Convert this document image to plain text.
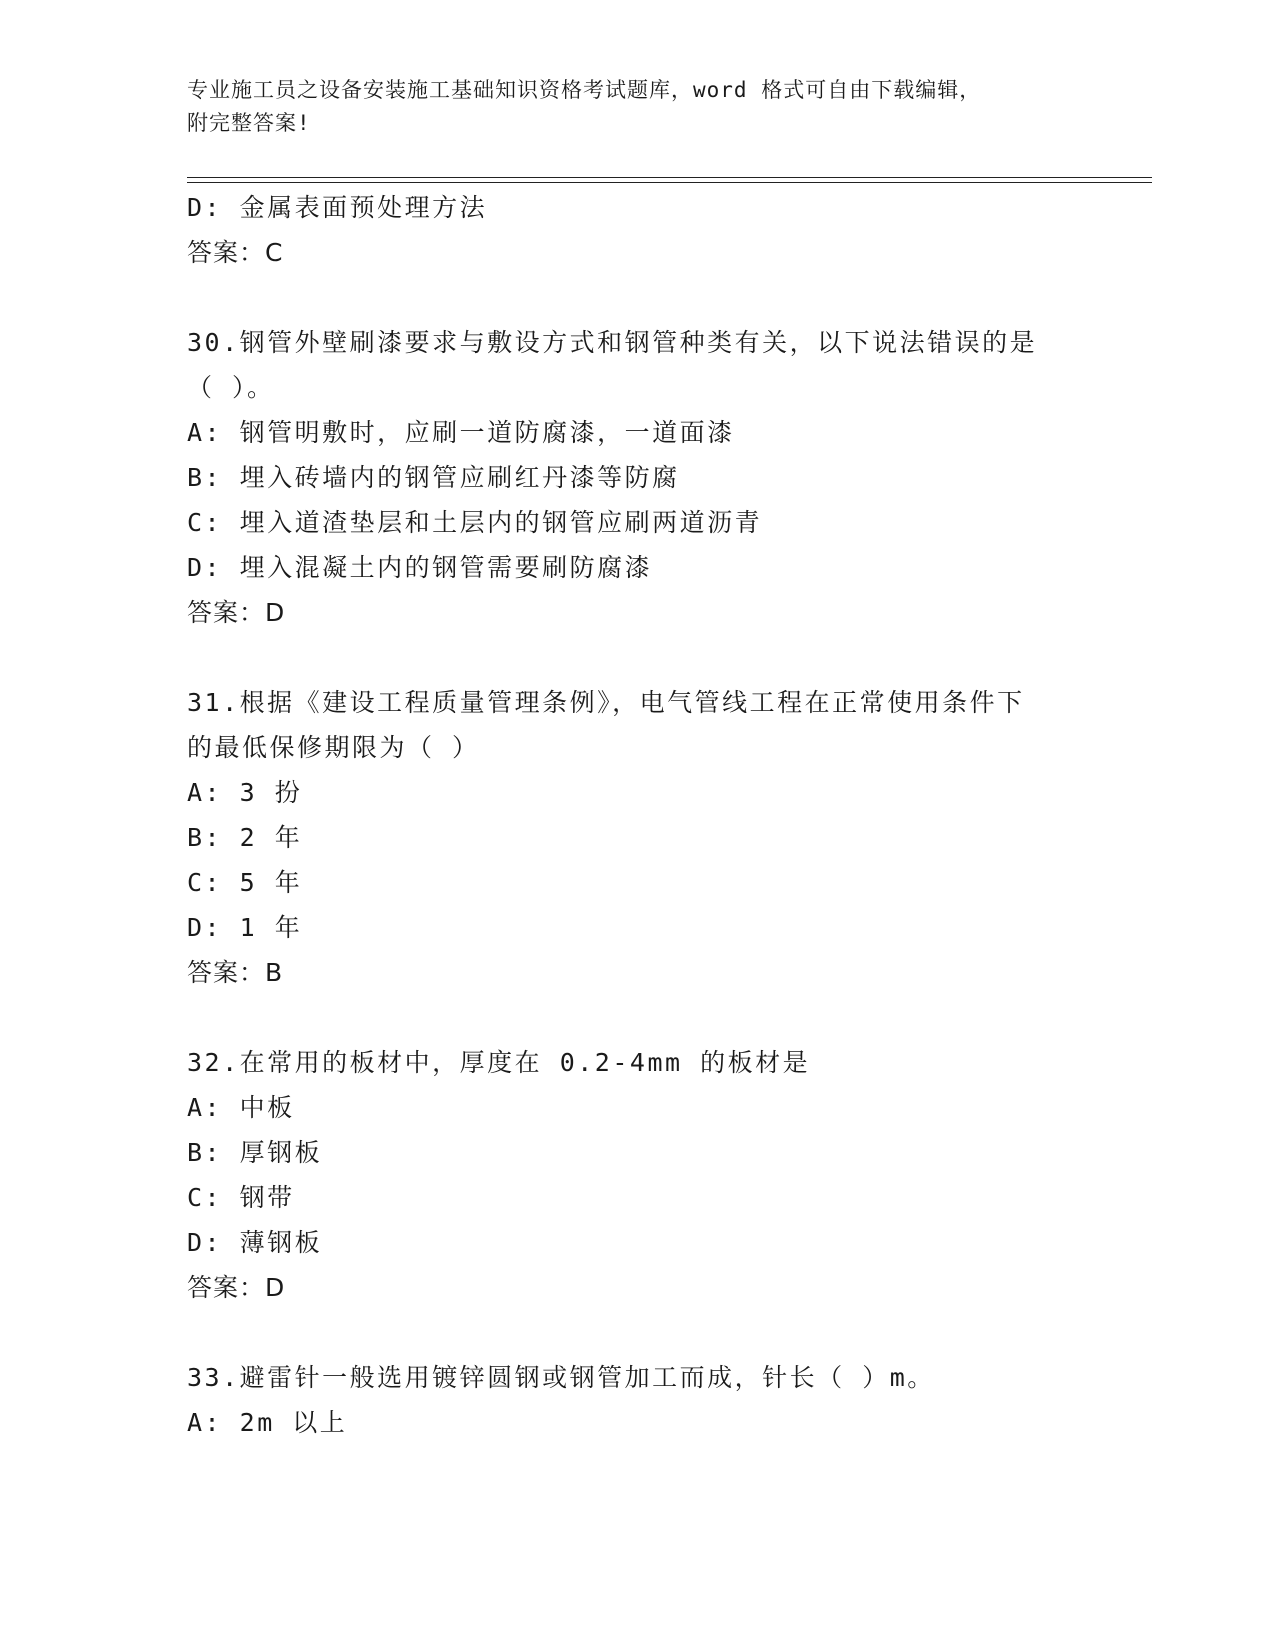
专业施工员之设备安装施工基础知识资格考试题库，word 格式可自由下载编辑，
附完整答案!
D: 金属表面预处理方法
答案：C
30.钢管外壁刷漆要求与敷设方式和钢管种类有关，以下说法错误的是
（ ）。
A: 钢管明敷时，应刷一道防腐漆，一道面漆
B: 埋入砖墙内的钢管应刷红丹漆等防腐
C: 埋入道渣垫层和土层内的钢管应刷两道沥青
D: 埋入混凝土内的钢管需要刷防腐漆
答案：D
31.根据《建设工程质量管理条例》，电气管线工程在正常使用条件下
的最低保修期限为（ ）
A: 3 扮
B: 2 年
C: 5 年
D: 1 年
答案：B
32.在常用的板材中，厚度在 0.2-4mm 的板材是
A: 中板
B: 厚钢板
C: 钢带
D: 薄钢板
答案：D
33.避雷针一般选用镀锌圆钢或钢管加工而成，针长（ ）m。
A: 2m 以上
